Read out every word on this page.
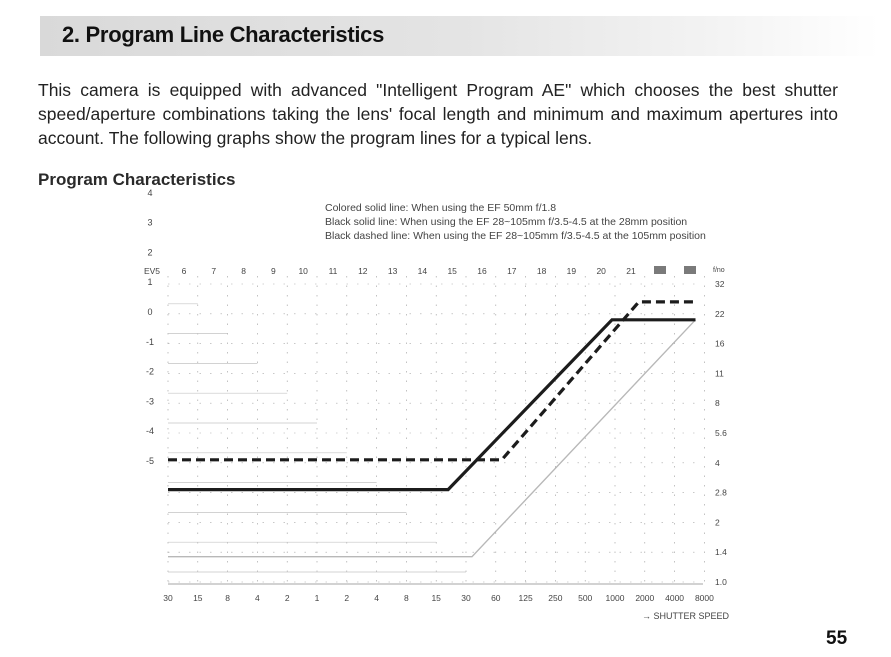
2. Program Line Characteristics
This camera is equipped with advanced "Intelligent Program AE" which chooses the best shutter speed/aperture combinations taking the lens' focal length and minimum and maximum apertures into account. The following graphs show the program lines for a typical lens.
Program Characteristics
Colored solid line: When using the EF 50mm f/1.8
Black solid line: When using the EF 28~105mm f/3.5-4.5 at the 28mm position
Black dashed line: When using the EF 28~105mm f/3.5-4.5 at the 105mm position
30 15	8	4	2	1	2	4	8	15 30 60 125 250 500 1000 2000 4000 8000
→ SHUTTER SPEED
4
3
2
1
0
-1
-2
-3
-4
-5
EV5	6	7	8	9	10 11 12 13 14 15 16 17 18 19 20 21	f/no
32
22
16
11
8
5.6
4
2.8
2
1.4
1.0
55
